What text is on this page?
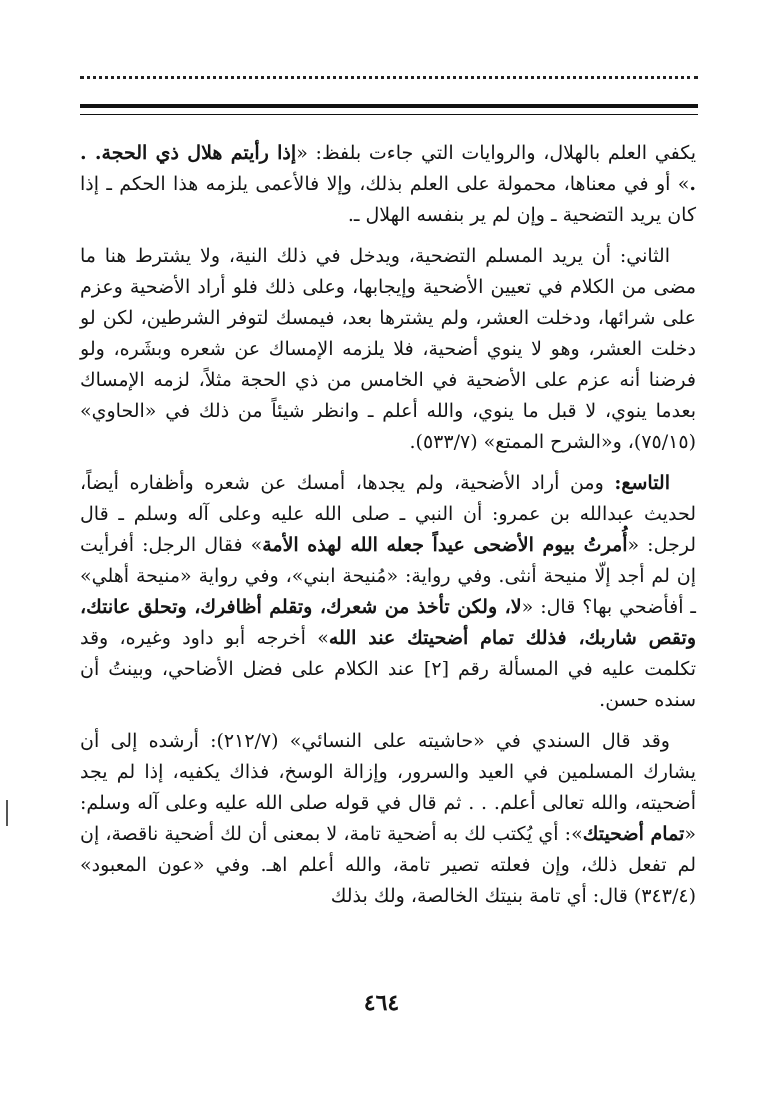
يكفي العلم بالهلال، والروايات التي جاءت بلفظ: «إذا رأيتم هلال ذي الحجة. . .» أو في معناها، محمولة على العلم بذلك، وإلا فالأعمى يلزمه هذا الحكم ـ إذا كان يريد التضحية ـ وإن لم ير بنفسه الهلال ـ.

الثاني: أن يريد المسلم التضحية، ويدخل في ذلك النية، ولا يشترط هنا ما مضى من الكلام في تعيين الأضحية وإيجابها، وعلى ذلك فلو أراد الأضحية وعزم على شرائها، ودخلت العشر، ولم يشترها بعد، فيمسك لتوفر الشرطين، لكن لو دخلت العشر، وهو لا ينوي أضحية، فلا يلزمه الإمساك عن شعره وبشَره، ولو فرضنا أنه عزم على الأضحية في الخامس من ذي الحجة مثلاً، لزمه الإمساك بعدما ينوي، لا قبل ما ينوي، والله أعلم ـ وانظر شيئاً من ذلك في «الحاوي» (٧٥/١٥)، و«الشرح الممتع» (٥٣٣/٧).

التاسع: ومن أراد الأضحية، ولم يجدها، أمسك عن شعره وأظفاره أيضاً، لحديث عبدالله بن عمرو: أن النبي ـ صلى الله عليه وعلى آله وسلم ـ قال لرجل: «أُمرتُ بيوم الأضحى عيداً جعله الله لهذه الأمة» فقال الرجل: أفرأيت إن لم أجد إلّا منيحة أنثى. وفي رواية: «مُنيحة ابني»، وفي رواية «منيحة أهلي» ـ أفأضحي بها؟ قال: «لا، ولكن تأخذ من شعرك، وتقلم أظافرك، وتحلق عانتك، وتقص شاربك، فذلك تمام أضحيتك عند الله» أخرجه أبو داود وغيره، وقد تكلمت عليه في المسألة رقم [٢] عند الكلام على فضل الأضاحي، وبينتُ أن سنده حسن.

وقد قال السندي في «حاشيته على النسائي» (٢١٢/٧): أرشده إلى أن يشارك المسلمين في العيد والسرور، وإزالة الوسخ، فذاك يكفيه، إذا لم يجد أضحيته، والله تعالى أعلم. . . ثم قال في قوله صلى الله عليه وعلى آله وسلم: «تمام أضحيتك»: أي يُكتب لك به أضحية تامة، لا بمعنى أن لك أضحية ناقصة، إن لم تفعل ذلك، وإن فعلته تصير تامة، والله أعلم اهـ. وفي «عون المعبود» (٣٤٣/٤) قال: أي تامة بنيتك الخالصة، ولك بذلك

٤٦٤
